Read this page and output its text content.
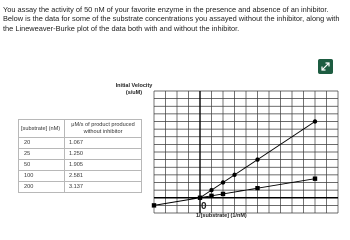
You assay the activity of 50 nM of your favorite enzyme in the presence and absence of an inhibitor. Below is the data for some of the substrate concentrations you assayed without the inhibitor, along with the Lineweaver-Burke plot of the data both with and without the inhibitor.

[substrate] (nM)	μM/s of product produced without inhibitor
20	1.067
25	1.250
50	1.905
100	2.581
200	3.137
Initial Velocity (s/uM)
0
1/[substrate] (1/nM)
